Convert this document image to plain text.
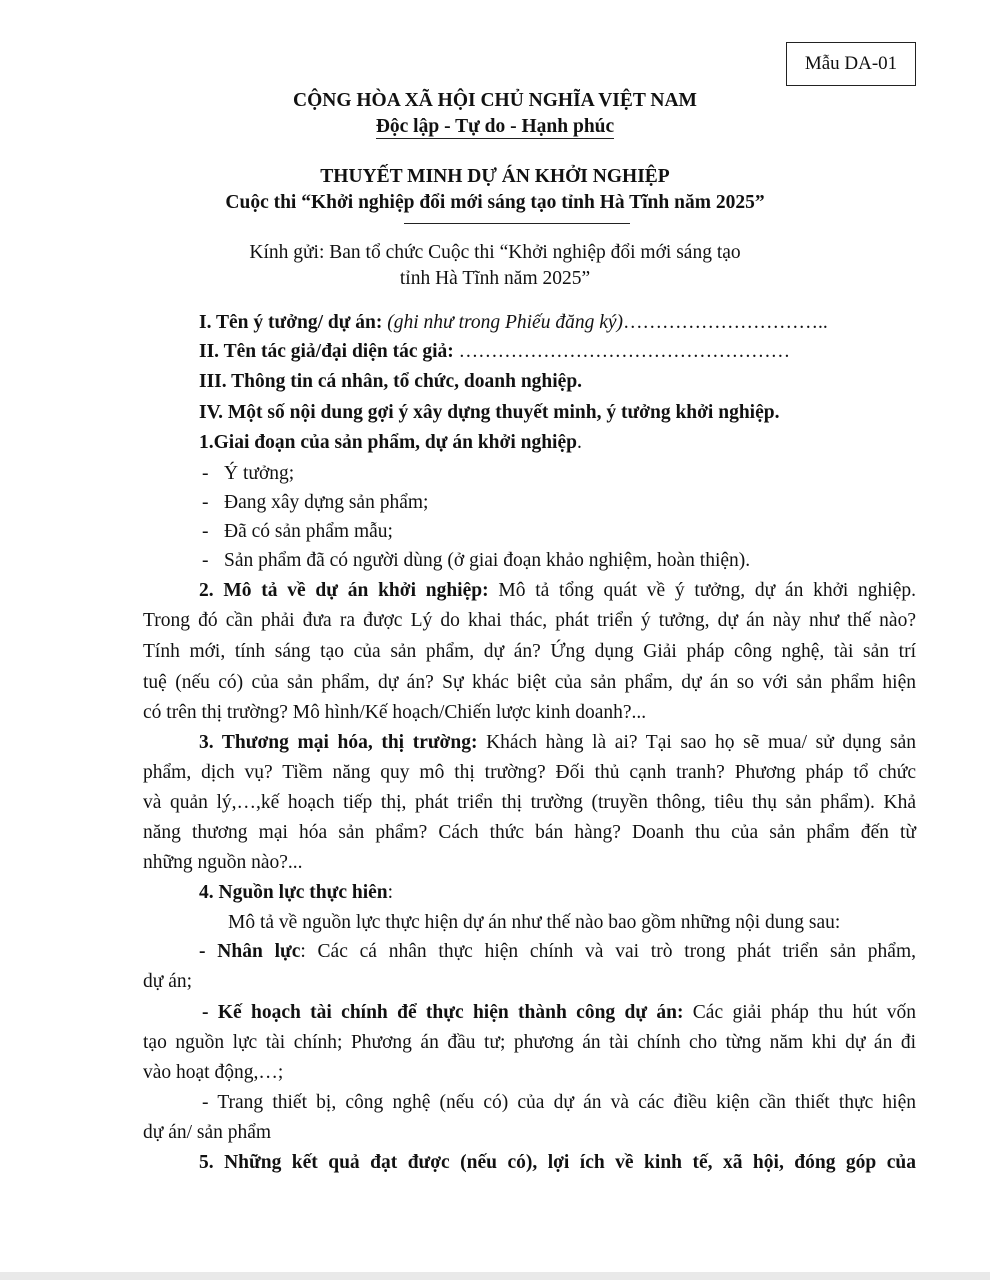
Mẫu DA-01
CỘNG HÒA XÃ HỘI CHỦ NGHĨA VIỆT NAM
Độc lập - Tự do - Hạnh phúc
THUYẾT MINH DỰ ÁN KHỞI NGHIỆP
Cuộc thi “Khởi nghiệp đổi mới sáng tạo tỉnh Hà Tĩnh năm 2025”
Kính gửi: Ban tổ chức Cuộc thi “Khởi nghiệp đổi mới sáng tạo
tỉnh Hà Tĩnh năm 2025”
I. Tên ý tưởng/ dự án: (ghi như trong Phiếu đăng ký)…………………………..
II. Tên tác giả/đại diện tác giả: ……………………………………………
III. Thông tin cá nhân, tổ chức, doanh nghiệp.
IV. Một số nội dung gợi ý xây dựng thuyết minh, ý tưởng khởi nghiệp.
1.Giai đoạn của sản phẩm, dự án khởi nghiệp.
- Ý tưởng;
- Đang xây dựng sản phẩm;
- Đã có sản phẩm mẫu;
- Sản phẩm đã có người dùng (ở giai đoạn khảo nghiệm, hoàn thiện).
2. Mô tả về dự án khởi nghiệp: Mô tả tổng quát về ý tưởng, dự án khởi nghiệp.
Trong đó cần phải đưa ra được Lý do khai thác, phát triển ý tưởng, dự án này như thế nào?
Tính mới, tính sáng tạo của sản phẩm, dự án? Ứng dụng Giải pháp công nghệ, tài sản trí
tuệ (nếu có) của sản phẩm, dự án? Sự khác biệt của sản phẩm, dự án so với sản phẩm hiện
có trên thị trường? Mô hình/Kế hoạch/Chiến lược kinh doanh?...
3. Thương mại hóa, thị trường: Khách hàng là ai? Tại sao họ sẽ mua/ sử dụng sản
phẩm, dịch vụ? Tiềm năng quy mô thị trường? Đối thủ cạnh tranh? Phương pháp tổ chức
và quản lý,…,kế hoạch tiếp thị, phát triển thị trường (truyền thông, tiêu thụ sản phẩm). Khả
năng thương mại hóa sản phẩm? Cách thức bán hàng? Doanh thu của sản phẩm đến từ
những nguồn nào?...
4. Nguồn lực thực hiên:
Mô tả về nguồn lực thực hiện dự án như thế nào bao gồm những nội dung sau:
- Nhân lực: Các cá nhân thực hiện chính và vai trò trong phát triển sản phẩm,
dự án;
- Kế hoạch tài chính để thực hiện thành công dự án: Các giải pháp thu hút vốn
tạo nguồn lực tài chính; Phương án đầu tư; phương án tài chính cho từng năm khi dự án đi
vào hoạt động,…;
- Trang thiết bị, công nghệ (nếu có) của dự án và các điều kiện cần thiết thực hiện
dự án/ sản phẩm
5. Những kết quả đạt được (nếu có), lợi ích về kinh tế, xã hội, đóng góp của
